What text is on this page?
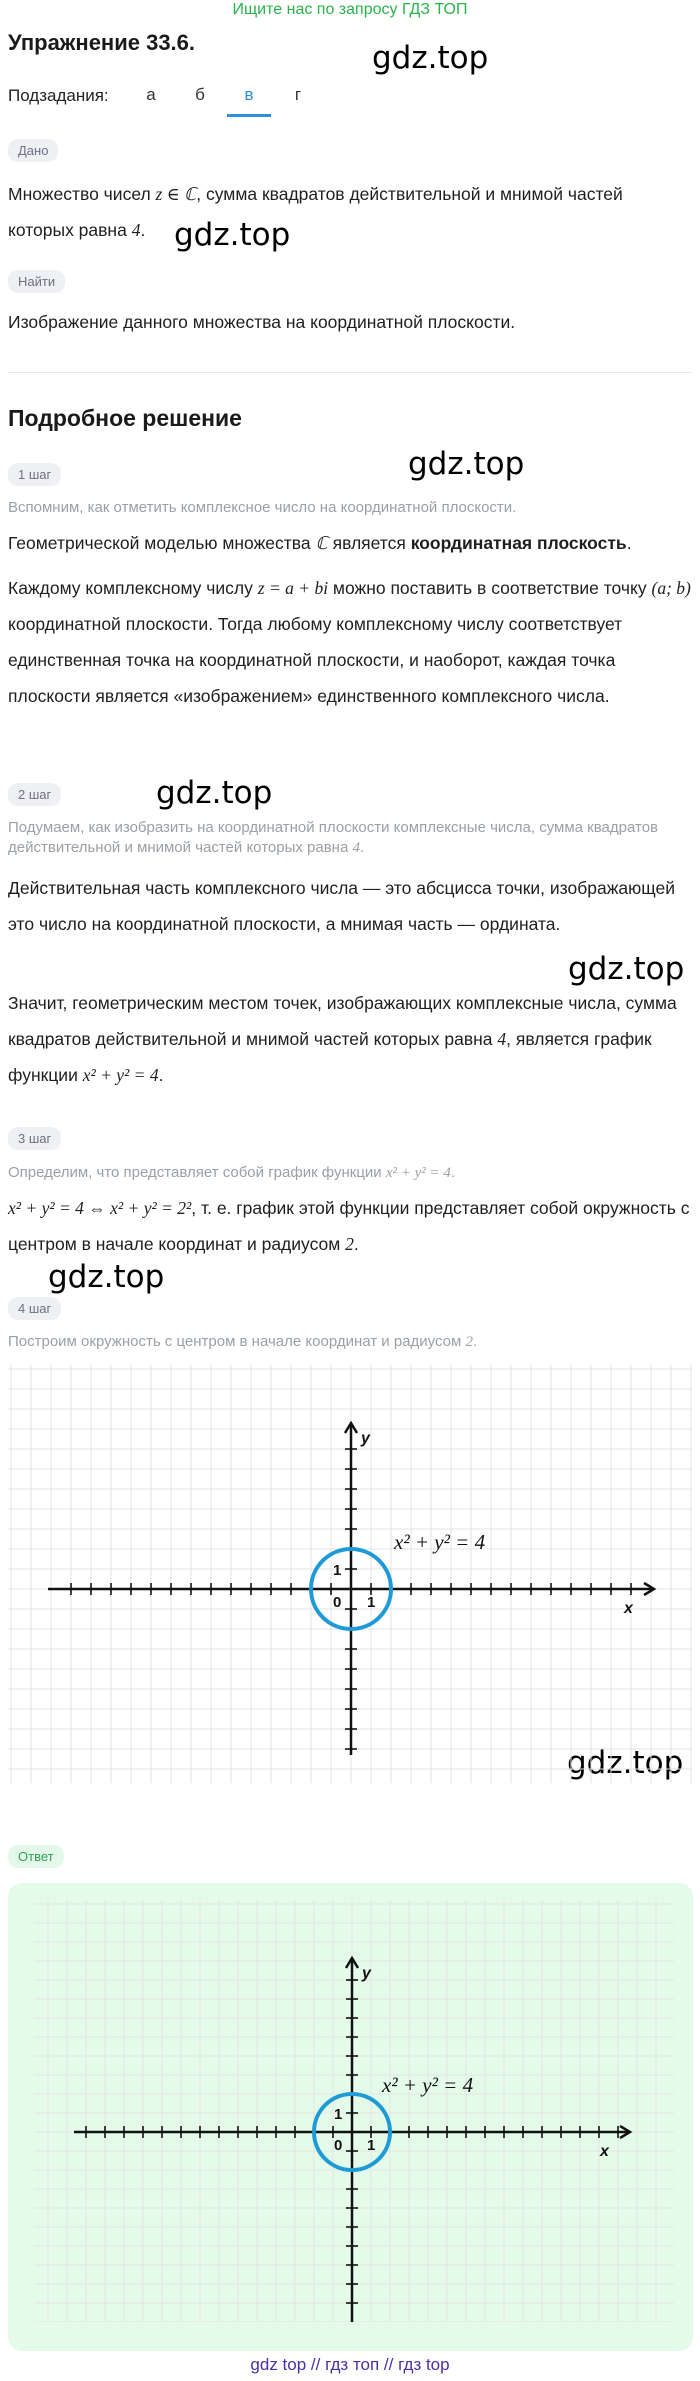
Ищите нас по запросу ГДЗ ТОП
Упражнение 33.6.
Подзадания:	а	б	в	г
gdz.top
gdz.top
gdz.top
gdz.top
gdz.top
gdz.top
gdz.top
Дано
Множество чисел z ∈ ℂ, сумма квадратов действительной и мнимой частей которых равна 4.
Найти
Изображение данного множества на координатной плоскости.
Подробное решение
1 шаг
Вспомним, как отметить комплексное число на координатной плоскости.
Геометрической моделью множества ℂ является координатная плоскость.
Каждому комплексному числу z = a + bi можно поставить в соответствие точку (a; b) координатной плоскости. Тогда любому комплексному числу соответствует единственная точка на координатной плоскости, и наоборот, каждая точка плоскости является «изображением» единственного комплексного числа.
2 шаг
Подумаем, как изобразить на координатной плоскости комплексные числа, сумма квадратов действительной и мнимой частей которых равна 4.
Действительная часть комплексного числа — это абсцисса точки, изображающей это число на координатной плоскости, а мнимая часть — ордината.
Значит, геометрическим местом точек, изображающих комплексные числа, сумма квадратов действительной и мнимой частей которых равна 4, является график функции x² + y² = 4.
3 шаг
Определим, что представляет собой график функции x² + y² = 4.
x² + y² = 4 ⇔ x² + y² = 2², т. е. график этой функции представляет собой окружность с центром в начале координат и радиусом 2.
4 шаг
Построим окружность с центром в начале координат и радиусом 2.
x
y
0 1
1
x² + y² = 4
Ответ
x
y
0 1
1
x² + y² = 4
gdz top // гдз топ // гдз top
